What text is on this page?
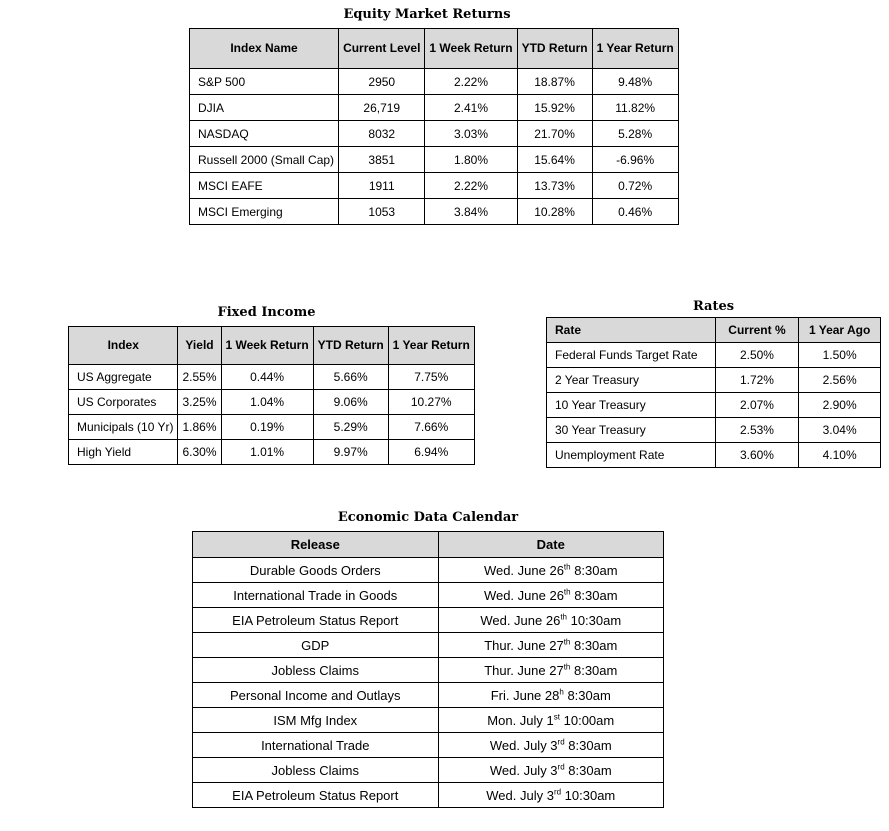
Equity Market Returns
Fixed Income	Rates
Economic Data Calendar
Index Name	Current Level	1 Week Return	YTD Return	1 Year Return
S&P 500	2950	2.22%	18.87%	9.48%
DJIA	26,719	2.41%	15.92%	11.82%
NASDAQ	8032	3.03%	21.70%	5.28%
Russell 2000 (Small Cap)	3851	1.80%	15.64%	-6.96%
MSCI EAFE	1911	2.22%	13.73%	0.72%
MSCI Emerging	1053	3.84%	10.28%	0.46%
Index	Yield	1 Week Return	YTD Return	1 Year Return
US Aggregate	2.55%	0.44%	5.66%	7.75%
US Corporates	3.25%	1.04%	9.06%	10.27%
Municipals (10 Yr)	1.86%	0.19%	5.29%	7.66%
High Yield	6.30%	1.01%	9.97%	6.94%
Rate	Current %	1 Year Ago
Federal Funds Target Rate	2.50%	1.50%
2 Year Treasury	1.72%	2.56%
10 Year Treasury	2.07%	2.90%
30 Year Treasury	2.53%	3.04%
Unemployment Rate	3.60%	4.10%
Release	Date
Durable Goods Orders	Wed. June 26th 8:30am
International Trade in Goods	Wed. June 26th 8:30am
EIA Petroleum Status Report	Wed. June 26th 10:30am
GDP	Thur. June 27th 8:30am
Jobless Claims	Thur. June 27th 8:30am
Personal Income and Outlays	Fri. June 28$^h$ 8:30am
ISM Mfg Index	Mon. July 1st 10:00am
International Trade	Wed. July 3rd 8:30am
Jobless Claims	Wed. July 3rd 8:30am
EIA Petroleum Status Report	Wed. July 3rd 10:30am
